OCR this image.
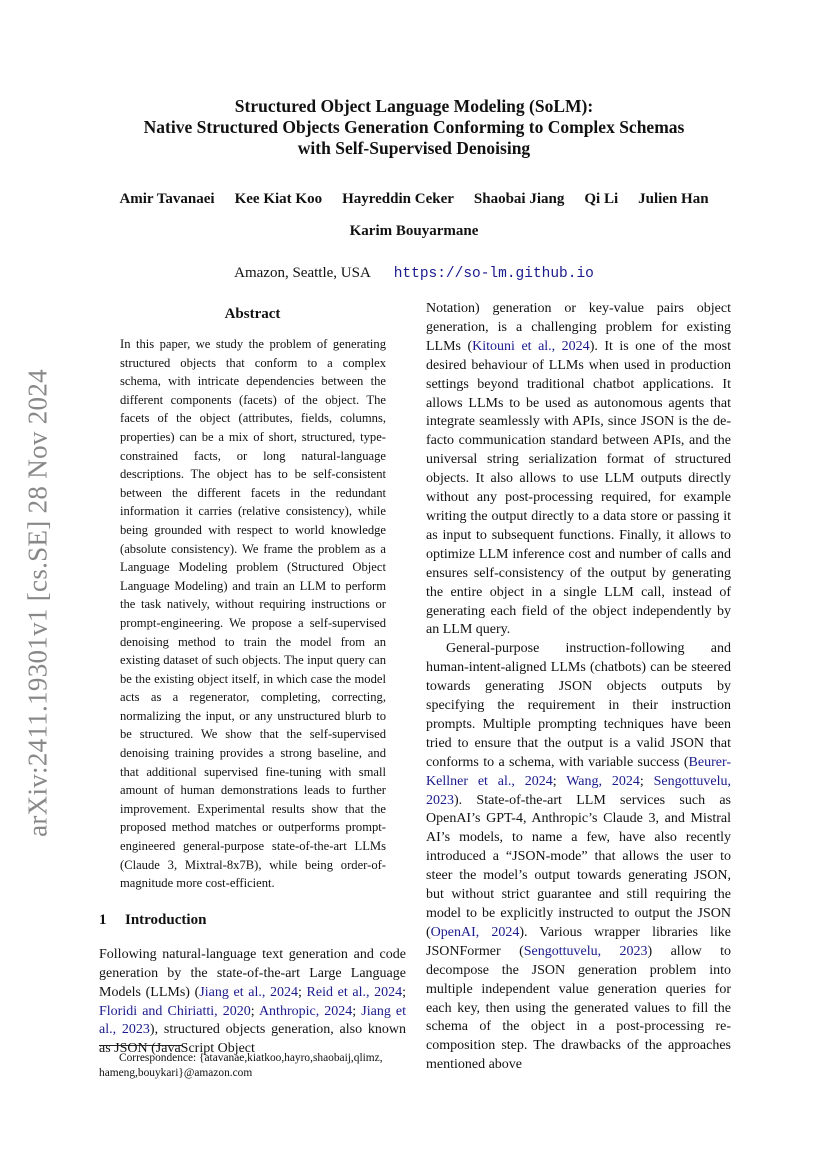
Structured Object Language Modeling (SoLM):
Native Structured Objects Generation Conforming to Complex Schemas
with Self-Supervised Denoising
Amir Tavanaei Kee Kiat Koo Hayreddin Ceker Shaobai Jiang Qi Li Julien Han
Karim Bouyarmane
Amazon, Seattle, USA https://so-lm.github.io
arXiv:2411.19301v1 [cs.SE] 28 Nov 2024
Abstract

In this paper, we study the problem of generating structured objects that conform to a complex schema, with intricate dependencies between the different components (facets) of the object. The facets of the object (attributes, fields, columns, properties) can be a mix of short, structured, type-constrained facts, or long natural-language descriptions. The object has to be self-consistent between the different facets in the redundant information it carries (relative consistency), while being grounded with respect to world knowledge (absolute consistency). We frame the problem as a Language Modeling problem (Structured Object Language Modeling) and train an LLM to perform the task natively, without requiring instructions or prompt-engineering. We propose a self-supervised denoising method to train the model from an existing dataset of such objects. The input query can be the existing object itself, in which case the model acts as a regenerator, completing, correcting, normalizing the input, or any unstructured blurb to be structured. We show that the self-supervised denoising training provides a strong baseline, and that additional supervised fine-tuning with small amount of human demonstrations leads to further improvement. Experimental results show that the proposed method matches or outperforms prompt-engineered general-purpose state-of-the-art LLMs (Claude 3, Mixtral-8x7B), while being order-of-magnitude more cost-efficient.

1 Introduction

Following natural-language text generation and code generation by the state-of-the-art Large Language Models (LLMs) (Jiang et al., 2024; Reid et al., 2024; Floridi and Chiriatti, 2020; Anthropic, 2024; Jiang et al., 2023), structured objects generation, also known as JSON (JavaScript Object

Notation) generation or key-value pairs object generation, is a challenging problem for existing LLMs (Kitouni et al., 2024). It is one of the most desired behaviour of LLMs when used in production settings beyond traditional chatbot applications. It allows LLMs to be used as autonomous agents that integrate seamlessly with APIs, since JSON is the de-facto communication standard between APIs, and the universal string serialization format of structured objects. It also allows to use LLM outputs directly without any post-processing required, for example writing the output directly to a data store or passing it as input to subsequent functions. Finally, it allows to optimize LLM inference cost and number of calls and ensures self-consistency of the output by generating the entire object in a single LLM call, instead of generating each field of the object independently by an LLM query.

General-purpose instruction-following and human-intent-aligned LLMs (chatbots) can be steered towards generating JSON objects outputs by specifying the requirement in their instruction prompts. Multiple prompting techniques have been tried to ensure that the output is a valid JSON that conforms to a schema, with variable success (Beurer-Kellner et al., 2024; Wang, 2024; Sengottuvelu, 2023). State-of-the-art LLM services such as OpenAI’s GPT-4, Anthropic’s Claude 3, and Mistral AI’s models, to name a few, have also recently introduced a “JSON-mode” that allows the user to steer the model’s output towards generating JSON, but without strict guarantee and still requiring the model to be explicitly instructed to output the JSON (OpenAI, 2024). Various wrapper libraries like JSONFormer (Sengottuvelu, 2023) allow to decompose the JSON generation problem into multiple independent value generation queries for each key, then using the generated values to fill the schema of the object in a post-processing re-composition step. The drawbacks of the approaches mentioned above

Correspondence: {atavanae,kiatkoo,hayro,shaobaij,qlimz,
hameng,bouykari}@amazon.com
